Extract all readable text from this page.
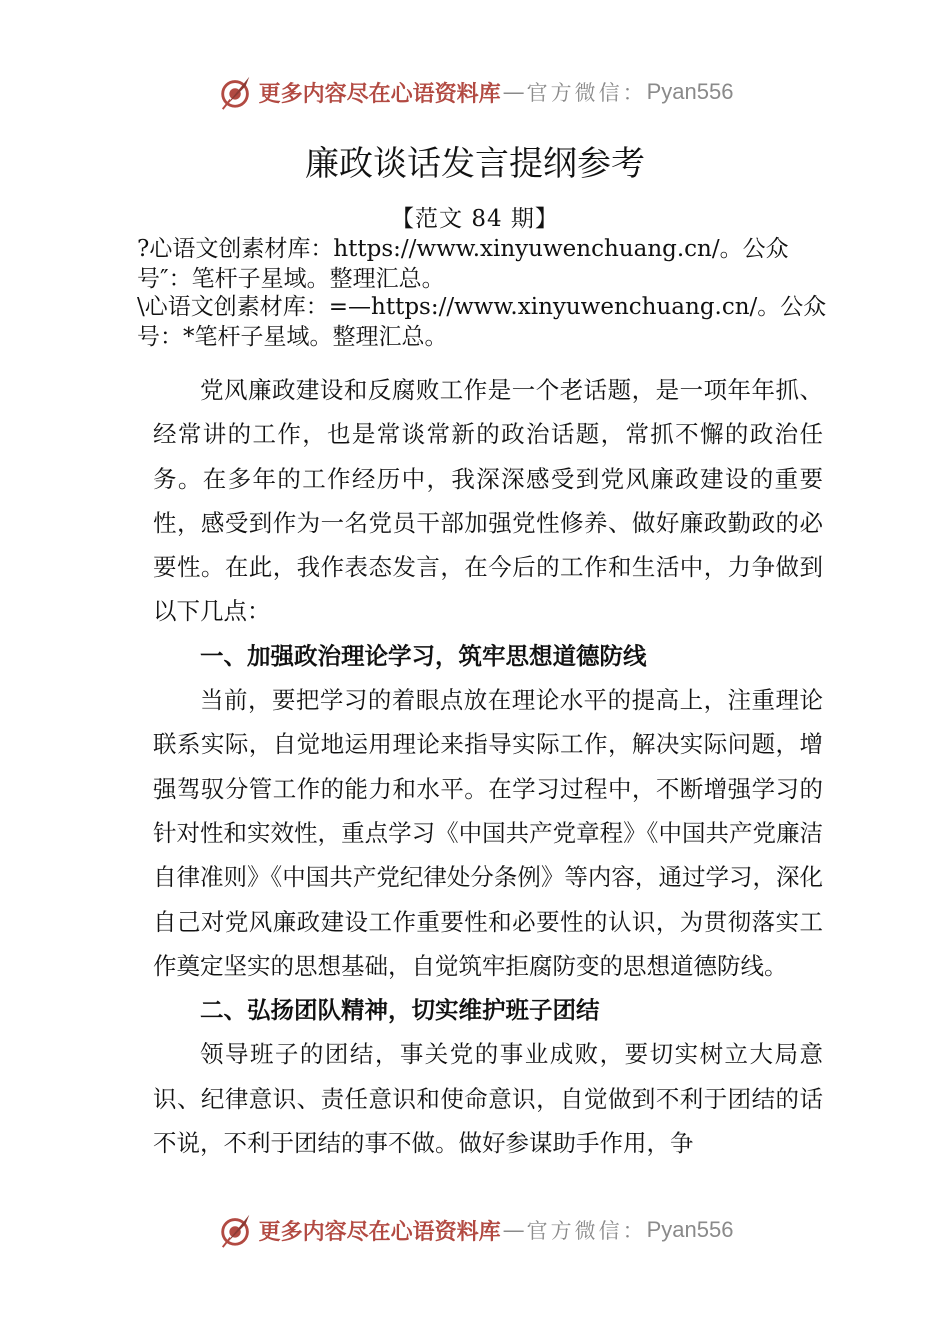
更多内容尽在心语资料库 — 官方微信： Pyan556
廉政谈话发言提纲参考
【范文 84 期】
?心语文创素材库：https://www.xinyuwenchuang.cn/。公众号″：笔杆子星域。整理汇总。
\心语文创素材库：=—https://www.xinyuwenchuang.cn/。公众号：*笔杆子星域。整理汇总。

党风廉政建设和反腐败工作是一个老话题，是一项年年抓、经常讲的工作，也是常谈常新的政治话题，常抓不懈的政治任务。在多年的工作经历中，我深深感受到党风廉政建设的重要性，感受到作为一名党员干部加强党性修养、做好廉政勤政的必要性。在此，我作表态发言，在今后的工作和生活中，力争做到以下几点：

一、加强政治理论学习，筑牢思想道德防线

当前，要把学习的着眼点放在理论水平的提高上，注重理论联系实际，自觉地运用理论来指导实际工作，解决实际问题，增强驾驭分管工作的能力和水平。在学习过程中，不断增强学习的针对性和实效性，重点学习《中国共产党章程》《中国共产党廉洁自律准则》《中国共产党纪律处分条例》等内容，通过学习，深化自己对党风廉政建设工作重要性和必要性的认识，为贯彻落实工作奠定坚实的思想基础，自觉筑牢拒腐防变的思想道德防线。

二、弘扬团队精神，切实维护班子团结

领导班子的团结，事关党的事业成败，要切实树立大局意识、纪律意识、责任意识和使命意识，自觉做到不利于团结的话不说，不利于团结的事不做。做好参谋助手作用，争

更多内容尽在心语资料库 — 官方微信： Pyan556
